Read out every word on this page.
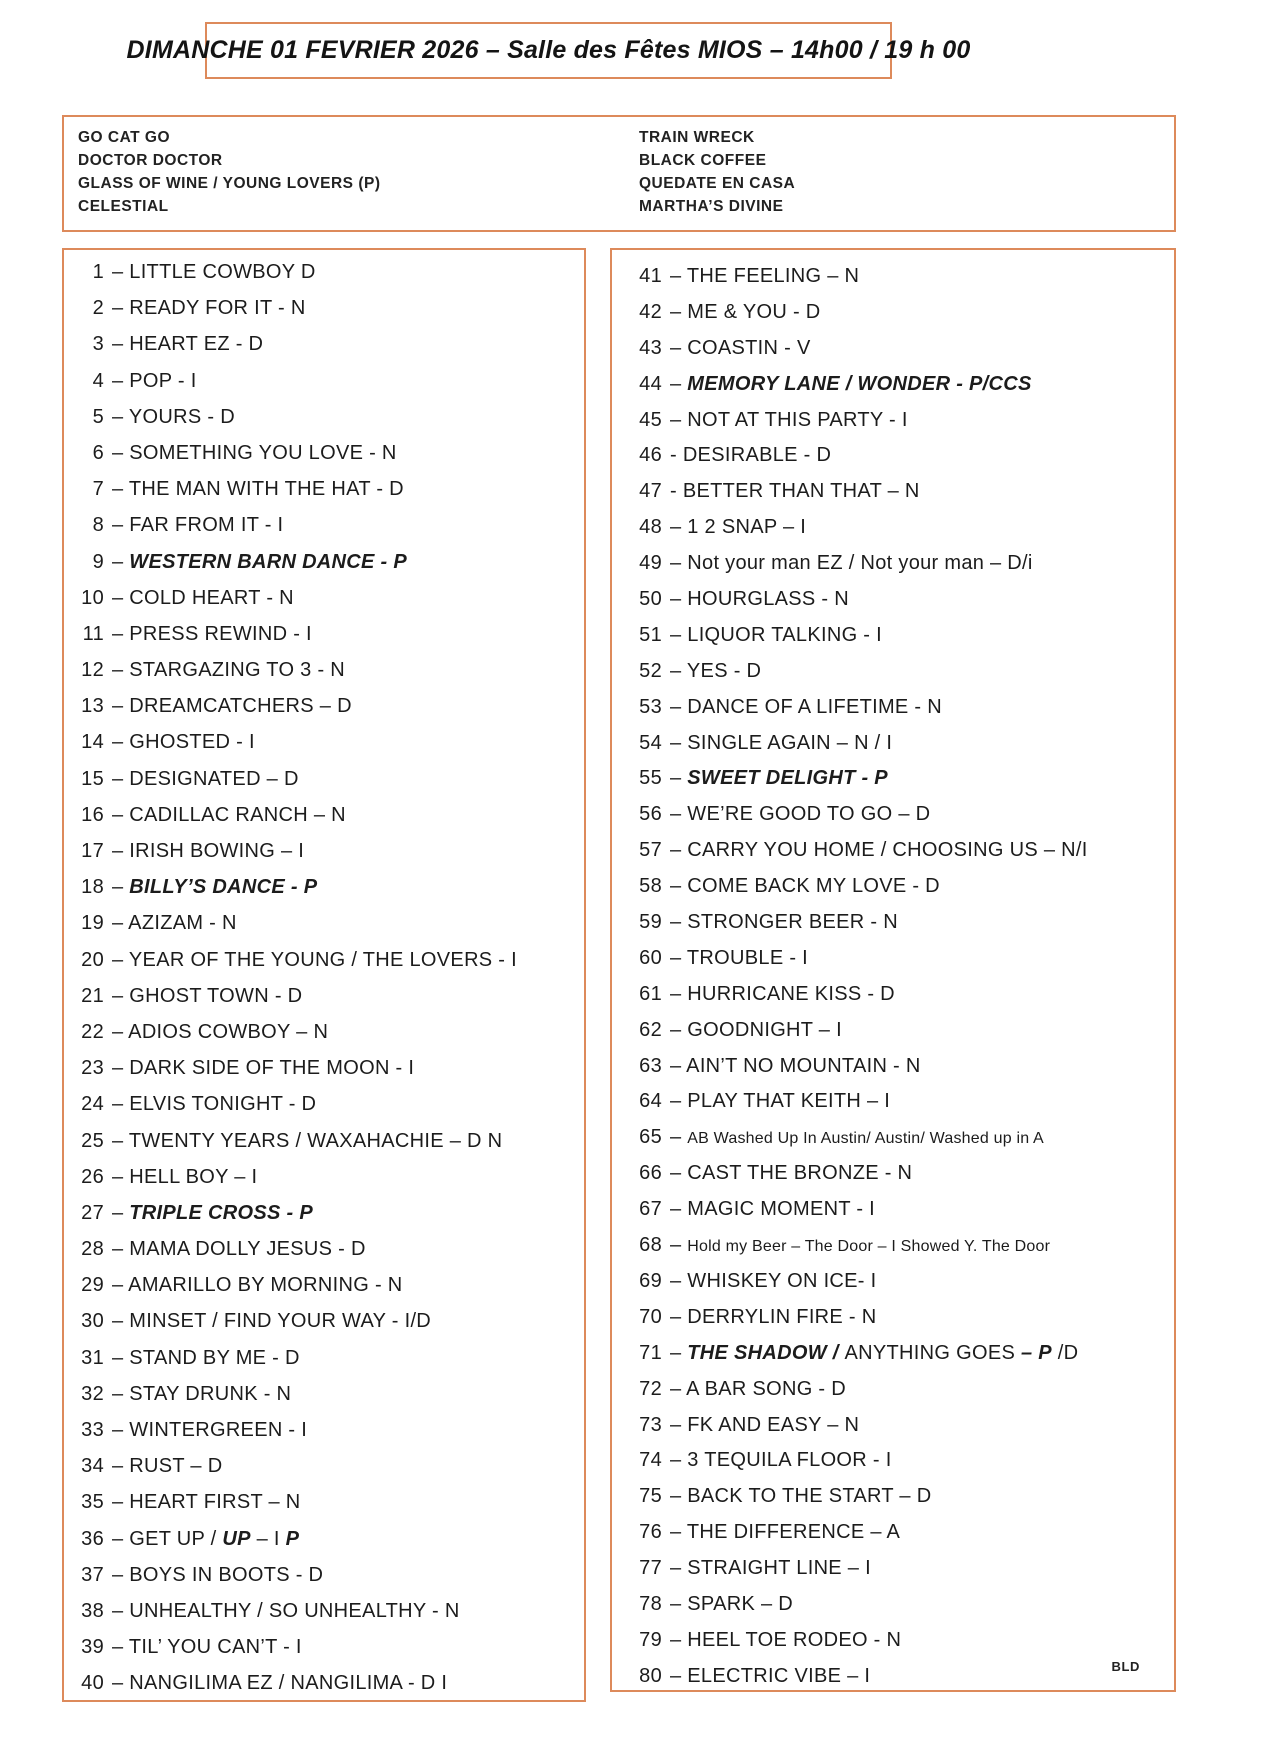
DIMANCHE 01 FEVRIER 2026 – Salle des Fêtes MIOS – 14h00 / 19 h 00
GO CAT GO
DOCTOR DOCTOR
GLASS OF WINE / YOUNG LOVERS (P)
CELESTIAL
TRAIN WRECK
BLACK COFFEE
QUEDATE EN CASA
MARTHA’S DIVINE
1 – LITTLE COWBOY D
2 – READY FOR IT - N
3 – HEART EZ - D
4 – POP - I
5 – YOURS - D
6 – SOMETHING YOU LOVE - N
7 – THE MAN WITH THE HAT - D
8 – FAR FROM IT - I
9 – WESTERN BARN DANCE - P
10 – COLD HEART - N
11 – PRESS REWIND - I
12 – STARGAZING TO 3 - N
13 – DREAMCATCHERS – D
14 – GHOSTED - I
15 – DESIGNATED – D
16 – CADILLAC RANCH – N
17 – IRISH BOWING – I
18 – BILLY’S DANCE - P
19 – AZIZAM - N
20 – YEAR OF THE YOUNG / THE LOVERS - I
21 – GHOST TOWN - D
22 – ADIOS COWBOY – N
23 – DARK SIDE OF THE MOON - I
24 – ELVIS TONIGHT - D
25 – TWENTY YEARS / WAXAHACHIE – D N
26 – HELL BOY – I
27 – TRIPLE CROSS - P
28 – MAMA DOLLY JESUS - D
29 – AMARILLO BY MORNING - N
30 – MINSET / FIND YOUR WAY - I/D
31 – STAND BY ME - D
32 – STAY DRUNK - N
33 – WINTERGREEN - I
34 – RUST – D
35 – HEART FIRST – N
36 – GET UP / UP – I P
37 – BOYS IN BOOTS - D
38 – UNHEALTHY / SO UNHEALTHY - N
39 – TIL’ YOU CAN’T - I
40 – NANGILIMA EZ / NANGILIMA - D I
BLD
41 – THE FEELING – N
42 – ME & YOU - D
43 – COASTIN - V
44 – MEMORY LANE / WONDER - P/CCS
45 – NOT AT THIS PARTY - I
46 - DESIRABLE - D
47 - BETTER THAN THAT – N
48 – 1 2 SNAP – I
49 – Not your man EZ / Not your man – D/i
50 – HOURGLASS - N
51 – LIQUOR TALKING - I
52 – YES - D
53 – DANCE OF A LIFETIME - N
54 – SINGLE AGAIN – N / I
55 – SWEET DELIGHT - P
56 – WE’RE GOOD TO GO – D
57 – CARRY YOU HOME / CHOOSING US – N/I
58 – COME BACK MY LOVE - D
59 – STRONGER BEER - N
60 – TROUBLE - I
61 – HURRICANE KISS - D
62 – GOODNIGHT – I
63 – AIN’T NO MOUNTAIN - N
64 – PLAY THAT KEITH – I
65 – AB Washed Up In Austin/ Austin/ Washed up in A
66 – CAST THE BRONZE - N
67 – MAGIC MOMENT - I
68 – Hold my Beer – The Door – I Showed Y. The Door
69 – WHISKEY ON ICE- I
70 – DERRYLIN FIRE - N
71 – THE SHADOW / ANYTHING GOES – P /D
72 – A BAR SONG - D
73 – FK AND EASY – N
74 – 3 TEQUILA FLOOR - I
75 – BACK TO THE START – D
76 – THE DIFFERENCE – A
77 – STRAIGHT LINE – I
78 – SPARK – D
79 – HEEL TOE RODEO - N
80 – ELECTRIC VIBE – I
